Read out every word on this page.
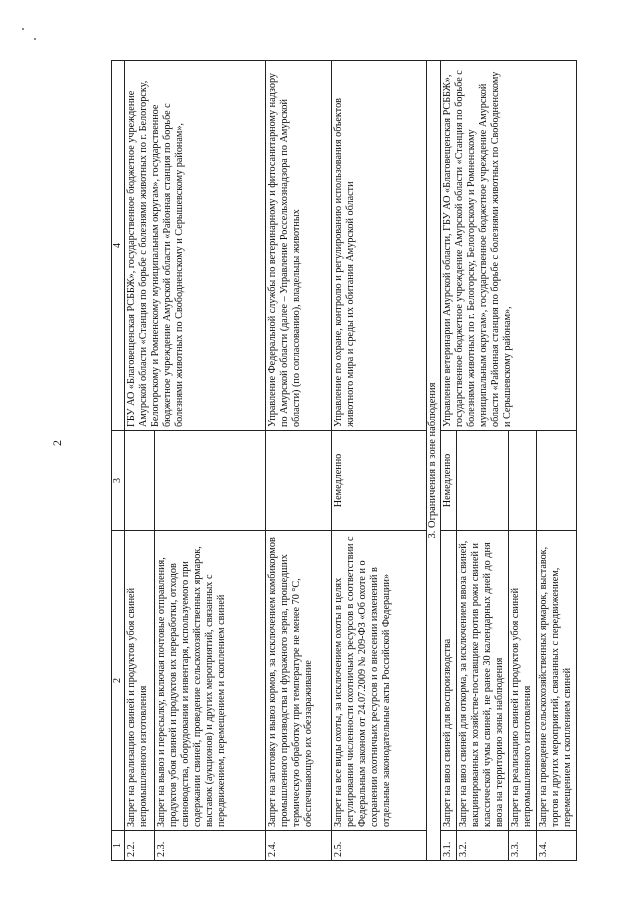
2
1	2	3	4
2.2.	Запрет на реализацию свиней и продуктов убоя свиней непромышленного изготовления		ГБУ АО «Благовещенская РСББЖ», государственное бюджетное учреждение Амурской области «Станция по борьбе с болезнями животных по г. Белогорску, Белогорскому и Ромненскому муниципальным округам», государственное бюджетное учреждение Амурской области «Районная станция по борьбе с болезнями животных по Свободненскому и Серышевскому районам»,
2.3.	Запрет на вывоз и пересылку, включая почтовые отправления, продуктов убоя свиней и продуктов их переработки, отходов свиноводства, оборудования и инвентаря, используемого при содержании свиней, проведение сельскохозяйственных ярмарок, выставок (аукционов) и других мероприятий, связанных с передвижением, перемещением и скоплением свиней		
2.4.	Запрет на заготовку и вывоз кормов, за исключением комбикормов промышленного производства и фуражного зерна, прошедших термическую обработку при температуре не менее 70 °C, обеспечивающую их обеззараживание		Управление Федеральной службы по ветеринарному и фитосанитарному надзору по Амурской области (далее – Управление Россельхознадзора по Амурской области) (по согласованию), владельцы животных
2.5.	Запрет на все виды охоты, за исключением охоты в целях регулирования численности охотничьих ресурсов в соответствии с Федеральным законом от 24.07.2009 № 209-ФЗ «Об охоте и о сохранении охотничьих ресурсов и о внесении изменений в отдельные законодательные акты Российской Федерации»	Немедленно	Управление по охране, контролю и регулированию использования объектов животного мира и среды их обитания Амурской области
3. Ограничения в зоне наблюдения			
3.1.	Запрет на ввоз свиней для воспроизводства	Немедленно	Управление ветеринарии Амурской области, ГБУ АО «Благовещенская РСББЖ», государственное бюджетное учреждение Амурской области «Станция по борьбе с болезнями животных по г. Белогорску, Белогорскому и Ромненскому муниципальным округам», государственное бюджетное учреждение Амурской области «Районная станция по борьбе с болезнями животных по Свободненскому и Серышевскому районам»,
3.2.	Запрет на ввоз свиней для откорма, за исключением ввоза свиней, вакцинированных в хозяйстве-поставщике против рожи свиней и классической чумы свиней, не ранее 30 календарных дней до дня ввоза на территорию зоны наблюдения		
3.3.	Запрет на реализацию свиней и продуктов убоя свиней непромышленного изготовления		
3.4.	Запрет на проведение сельскохозяйственных ярмарок, выставок, торгов и других мероприятий, связанных с передвижением, перемещением и скоплением свиней		
